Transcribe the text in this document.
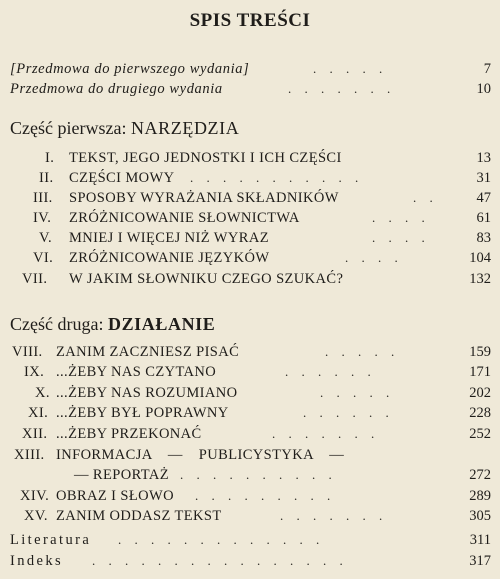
SPIS TREŚCI
[Przedmowa do pierwszego wydania]	. . . . .	7
Przedmowa do drugiego wydania	. . . . . . .	10
Część pierwsza: NARZĘDZIA
I. TEKST, JEGO JEDNOSTKI I ICH CZĘŚCI	13
II. CZĘŚCI MOWY . . . . . . . . . . .	31
III. SPOSOBY WYRAŻANIA SKŁADNIKÓW	. .	47
IV. ZRÓŻNICOWANIE SŁOWNICTWA	. . . .	61
V. MNIEJ I WIĘCEJ NIŻ WYRAZ	. . . .	83
VI. ZRÓŻNICOWANIE JĘZYKÓW	. . . .	104
VII. W JAKIM SŁOWNIKU CZEGO SZUKAĆ?	132
Część druga: DZIAŁANIE
VIII. ZANIM ZACZNIESZ PISAĆ	. . . . .	159
IX. ...ŻEBY NAS CZYTANO	. . . . . .	171
X. ...ŻEBY NAS ROZUMIANO	. . . . .	202
XI. ...ŻEBY BYŁ POPRAWNY	. . . . . .	228
XII. ...ŻEBY PRZEKONAĆ	. . . . . . .	252
XIII. INFORMACJA — PUBLICYSTYKA —
— REPORTAŻ . . . . . . . . . .	272
XIV. OBRAZ I SŁOWO . . . . . . . . .	289
XV. ZANIM ODDASZ TEKST	. . . . . . .	305
Literatura . . . . . . . . . . . . .	311
Indeks . . . . . . . . . . . . . . . .	317
